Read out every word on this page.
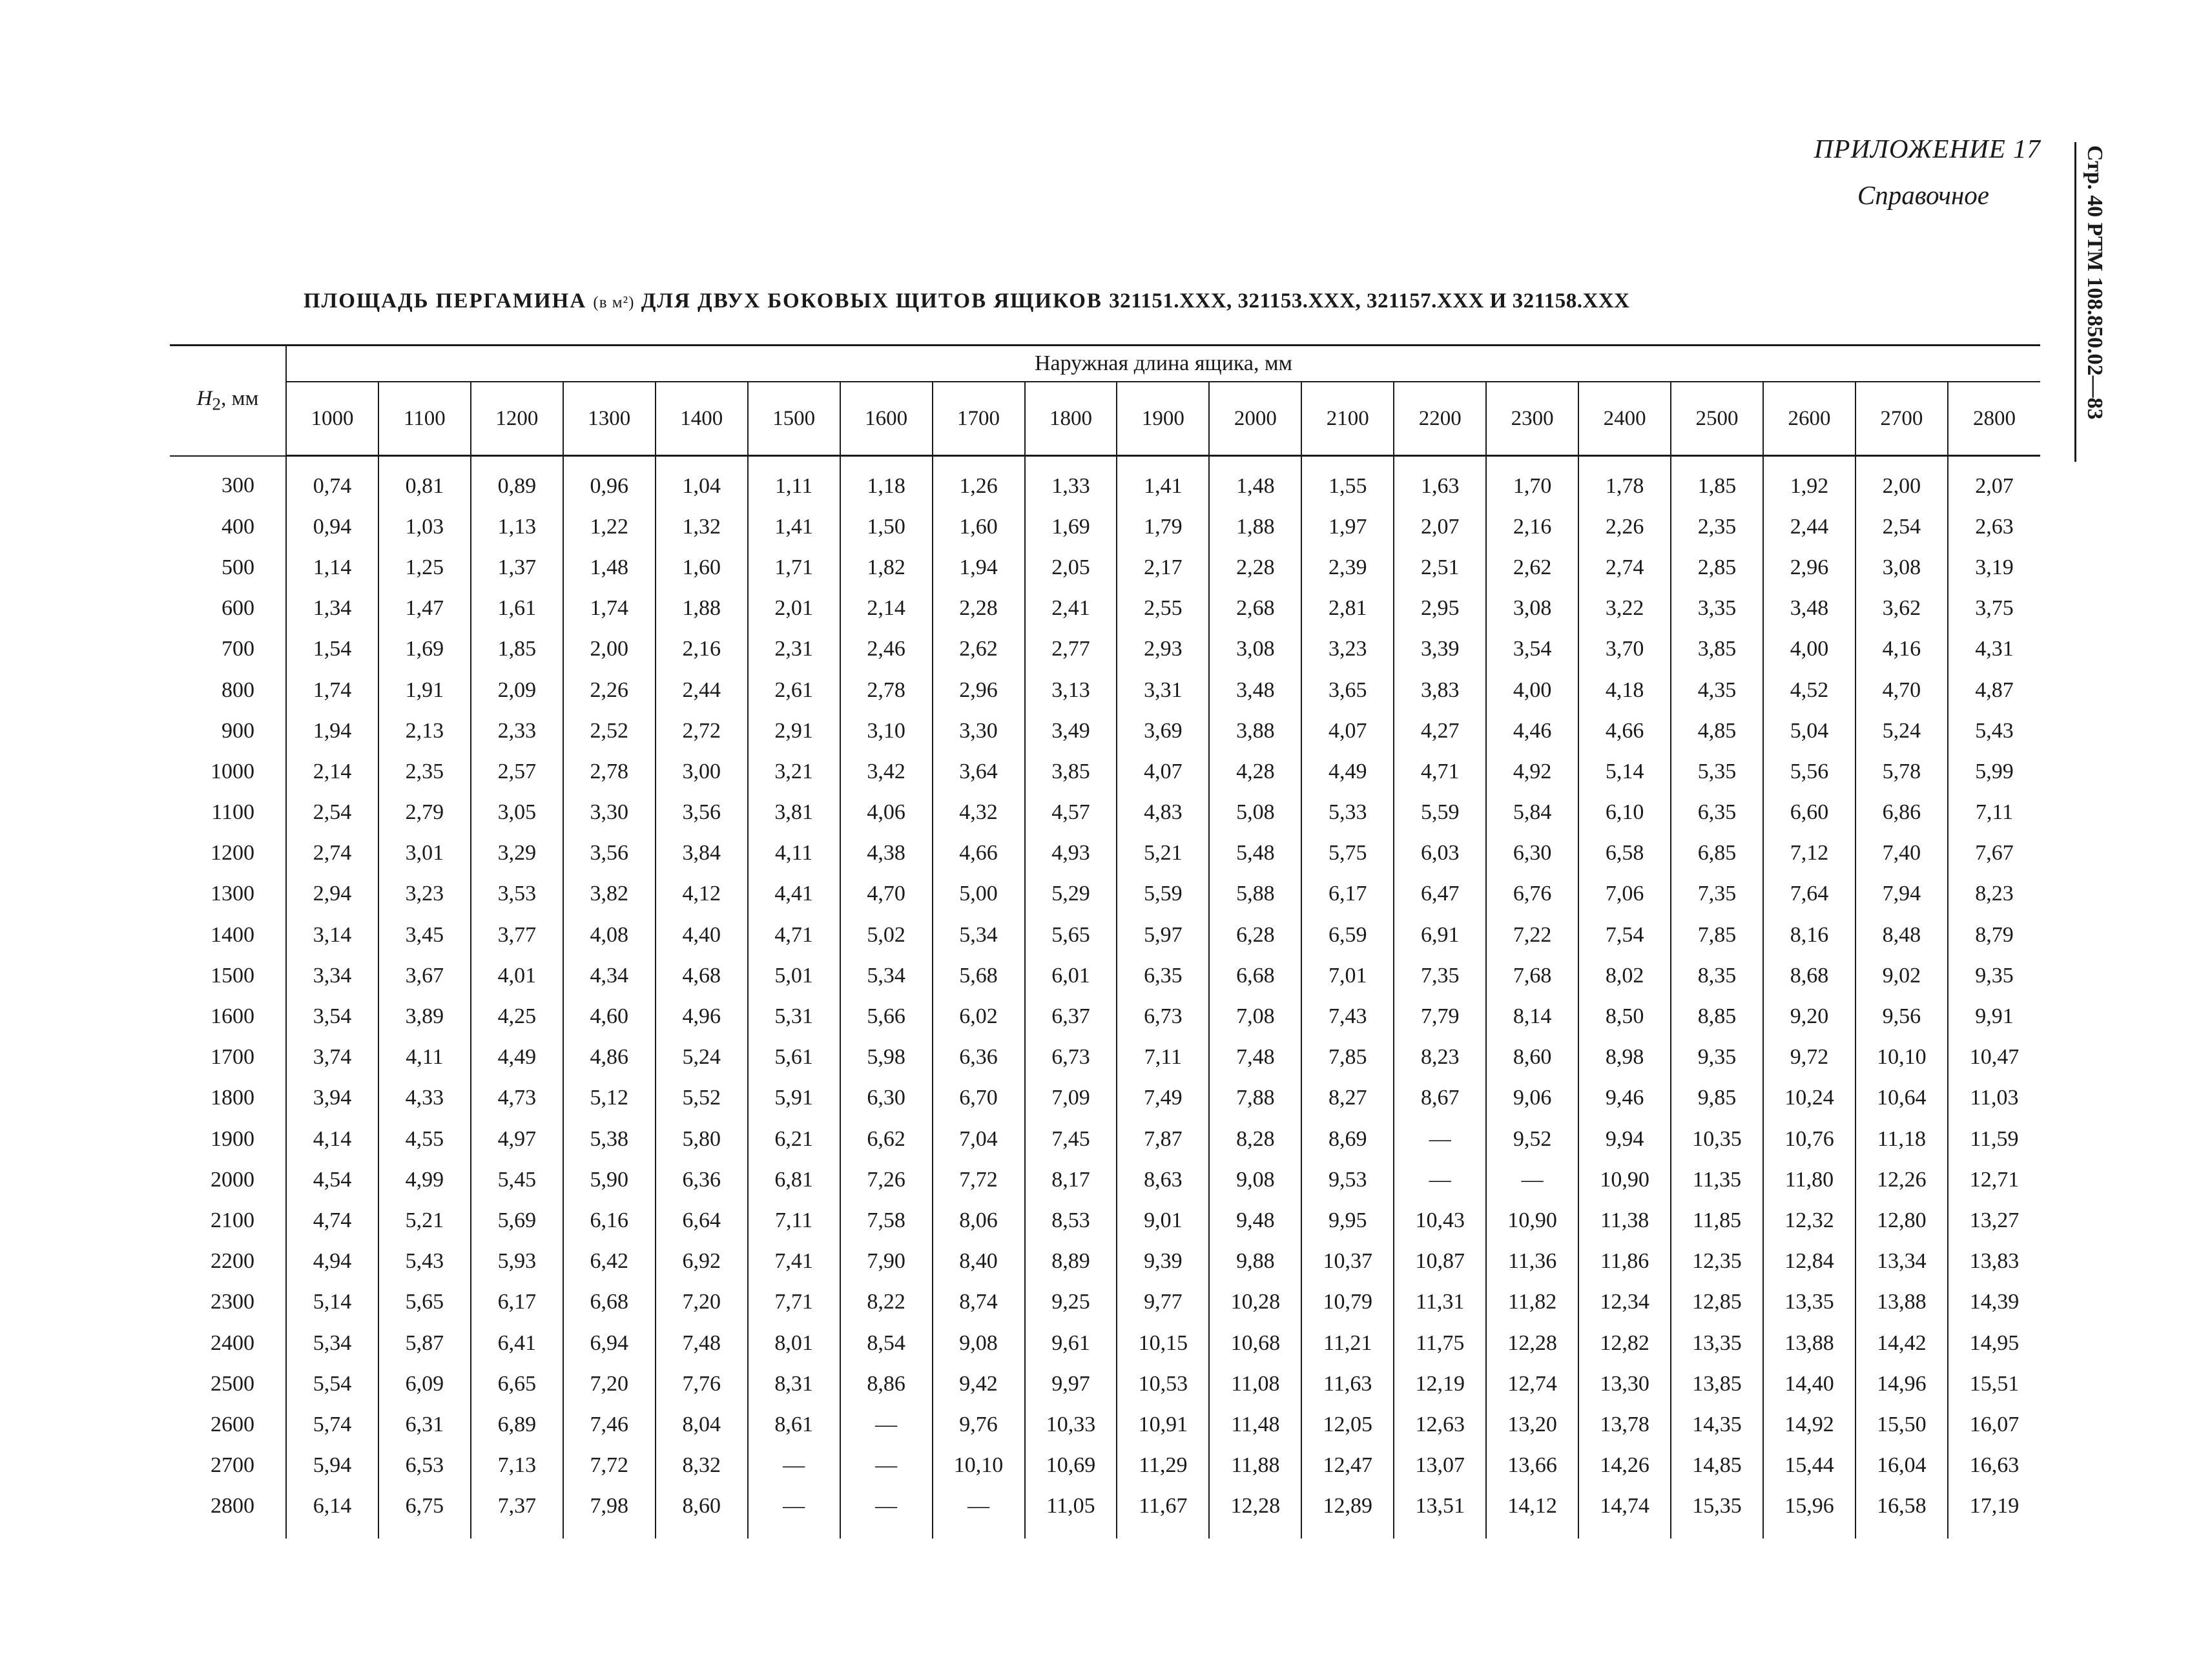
ПРИЛОЖЕНИЕ 17
Справочное	Стр. 40 РТМ 108.850.02—83
ПЛОЩАДЬ ПЕРГАМИНА (в м²) ДЛЯ ДВУХ БОКОВЫХ ЩИТОВ ЯЩИКОВ 321151.XXX, 321153.XXX, 321157.XXX И 321158.XXX

$H_2$, мм	Наружная длина ящика, мм																		
	1000	1100	1200	1300	1400	1500	1600	1700	1800	1900	2000	2100	2200	2300	2400	2500	2600	2700	2800
300	0,74	0,81	0,89	0,96	1,04	1,11	1,18	1,26	1,33	1,41	1,48	1,55	1,63	1,70	1,78	1,85	1,92	2,00	2,07
400	0,94	1,03	1,13	1,22	1,32	1,41	1,50	1,60	1,69	1,79	1,88	1,97	2,07	2,16	2,26	2,35	2,44	2,54	2,63
500	1,14	1,25	1,37	1,48	1,60	1,71	1,82	1,94	2,05	2,17	2,28	2,39	2,51	2,62	2,74	2,85	2,96	3,08	3,19
600	1,34	1,47	1,61	1,74	1,88	2,01	2,14	2,28	2,41	2,55	2,68	2,81	2,95	3,08	3,22	3,35	3,48	3,62	3,75
700	1,54	1,69	1,85	2,00	2,16	2,31	2,46	2,62	2,77	2,93	3,08	3,23	3,39	3,54	3,70	3,85	4,00	4,16	4,31
800	1,74	1,91	2,09	2,26	2,44	2,61	2,78	2,96	3,13	3,31	3,48	3,65	3,83	4,00	4,18	4,35	4,52	4,70	4,87
900	1,94	2,13	2,33	2,52	2,72	2,91	3,10	3,30	3,49	3,69	3,88	4,07	4,27	4,46	4,66	4,85	5,04	5,24	5,43
1000	2,14	2,35	2,57	2,78	3,00	3,21	3,42	3,64	3,85	4,07	4,28	4,49	4,71	4,92	5,14	5,35	5,56	5,78	5,99
1100	2,54	2,79	3,05	3,30	3,56	3,81	4,06	4,32	4,57	4,83	5,08	5,33	5,59	5,84	6,10	6,35	6,60	6,86	7,11
1200	2,74	3,01	3,29	3,56	3,84	4,11	4,38	4,66	4,93	5,21	5,48	5,75	6,03	6,30	6,58	6,85	7,12	7,40	7,67
1300	2,94	3,23	3,53	3,82	4,12	4,41	4,70	5,00	5,29	5,59	5,88	6,17	6,47	6,76	7,06	7,35	7,64	7,94	8,23
1400	3,14	3,45	3,77	4,08	4,40	4,71	5,02	5,34	5,65	5,97	6,28	6,59	6,91	7,22	7,54	7,85	8,16	8,48	8,79
1500	3,34	3,67	4,01	4,34	4,68	5,01	5,34	5,68	6,01	6,35	6,68	7,01	7,35	7,68	8,02	8,35	8,68	9,02	9,35
1600	3,54	3,89	4,25	4,60	4,96	5,31	5,66	6,02	6,37	6,73	7,08	7,43	7,79	8,14	8,50	8,85	9,20	9,56	9,91
1700	3,74	4,11	4,49	4,86	5,24	5,61	5,98	6,36	6,73	7,11	7,48	7,85	8,23	8,60	8,98	9,35	9,72	10,10	10,47
1800	3,94	4,33	4,73	5,12	5,52	5,91	6,30	6,70	7,09	7,49	7,88	8,27	8,67	9,06	9,46	9,85	10,24	10,64	11,03
1900	4,14	4,55	4,97	5,38	5,80	6,21	6,62	7,04	7,45	7,87	8,28	8,69	—	9,52	9,94	10,35	10,76	11,18	11,59
2000	4,54	4,99	5,45	5,90	6,36	6,81	7,26	7,72	8,17	8,63	9,08	9,53	—	—	10,90	11,35	11,80	12,26	12,71
2100	4,74	5,21	5,69	6,16	6,64	7,11	7,58	8,06	8,53	9,01	9,48	9,95	10,43	10,90	11,38	11,85	12,32	12,80	13,27
2200	4,94	5,43	5,93	6,42	6,92	7,41	7,90	8,40	8,89	9,39	9,88	10,37	10,87	11,36	11,86	12,35	12,84	13,34	13,83
2300	5,14	5,65	6,17	6,68	7,20	7,71	8,22	8,74	9,25	9,77	10,28	10,79	11,31	11,82	12,34	12,85	13,35	13,88	14,39
2400	5,34	5,87	6,41	6,94	7,48	8,01	8,54	9,08	9,61	10,15	10,68	11,21	11,75	12,28	12,82	13,35	13,88	14,42	14,95
2500	5,54	6,09	6,65	7,20	7,76	8,31	8,86	9,42	9,97	10,53	11,08	11,63	12,19	12,74	13,30	13,85	14,40	14,96	15,51
2600	5,74	6,31	6,89	7,46	8,04	8,61	—	9,76	10,33	10,91	11,48	12,05	12,63	13,20	13,78	14,35	14,92	15,50	16,07
2700	5,94	6,53	7,13	7,72	8,32	—	—	10,10	10,69	11,29	11,88	12,47	13,07	13,66	14,26	14,85	15,44	16,04	16,63
2800	6,14	6,75	7,37	7,98	8,60	—	—	—	11,05	11,67	12,28	12,89	13,51	14,12	14,74	15,35	15,96	16,58	17,19
